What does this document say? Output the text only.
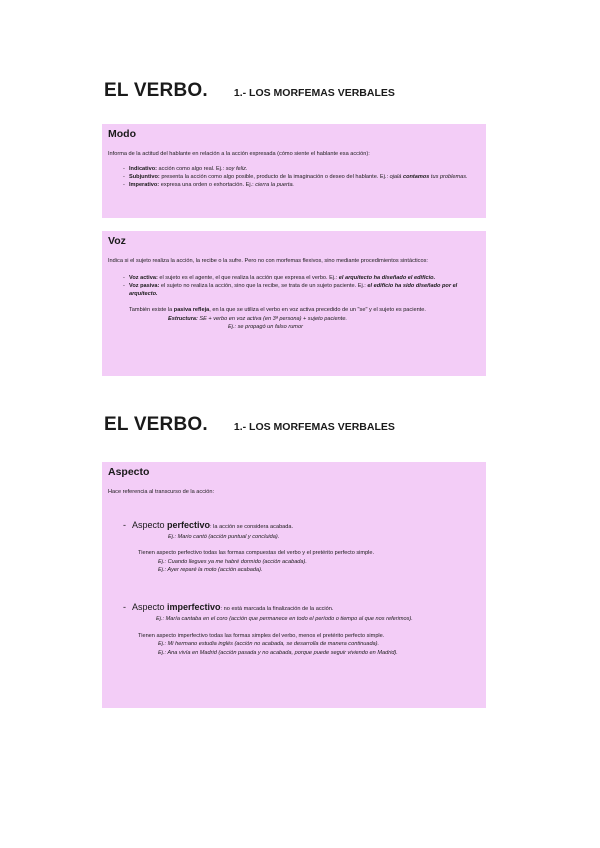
EL VERBO. 1.- LOS MORFEMAS VERBALES
Modo

Informa de la actitud del hablante en relación a la acción expresada (cómo siente el hablante esa acción):

- Indicativo: acción como algo real. Ej.: soy feliz.
- Subjuntivo: presenta la acción como algo posible, producto de la imaginación o deseo del hablante. Ej.: ojalá contamos tus problemas.
- Imperativo: expresa una orden o exhortación. Ej.: cierra la puerta.
Voz

Indica si el sujeto realiza la acción, la recibe o la sufre. Pero no con morfemas flexivos, sino mediante procedimientos sintácticos:

- Voz activa: el sujeto es el agente, el que realiza la acción que expresa el verbo. Ej.: el arquitecto ha diseñado el edificio.
- Voz pasiva: el sujeto no realiza la acción, sino que la recibe, se trata de un sujeto paciente. Ej.: el edificio ha sido diseñado por el arquitecto.

También existe la pasiva refleja, en la que se utiliza el verbo en voz activa precedido de un "se" y el sujeto es paciente.

Estructura: SE + verbo en voz activa (en 3ª persona) + sujeto paciente.

Ej.: se propagó un falso rumor

EL VERBO. 1.- LOS MORFEMAS VERBALES
Aspecto

Hace referencia al transcurso de la acción:

- Aspecto perfectivo: la acción se considera acabada.

Ej.: Mario cantó (acción puntual y concluida).

Tienen aspecto perfectivo todas las formas compuestas del verbo y el pretérito perfecto simple.

Ej.: Cuando llegues ya me habré dormido (acción acabada).

Ej.: Ayer reparé la moto (acción acabada).

- Aspecto imperfectivo: no está marcada la finalización de la acción.

Ej.: María cantaba en el coro (acción que permanece en todo el período o tiempo al que nos referimos).

Tienen aspecto imperfectivo todas las formas simples del verbo, menos el pretérito perfecto simple.

Ej.: Mi hermano estudia inglés (acción no acabada, se desarrolla de manera continuada).

Ej.: Ana vivía en Madrid (acción pasada y no acabada, porque puede seguir viviendo en Madrid).
